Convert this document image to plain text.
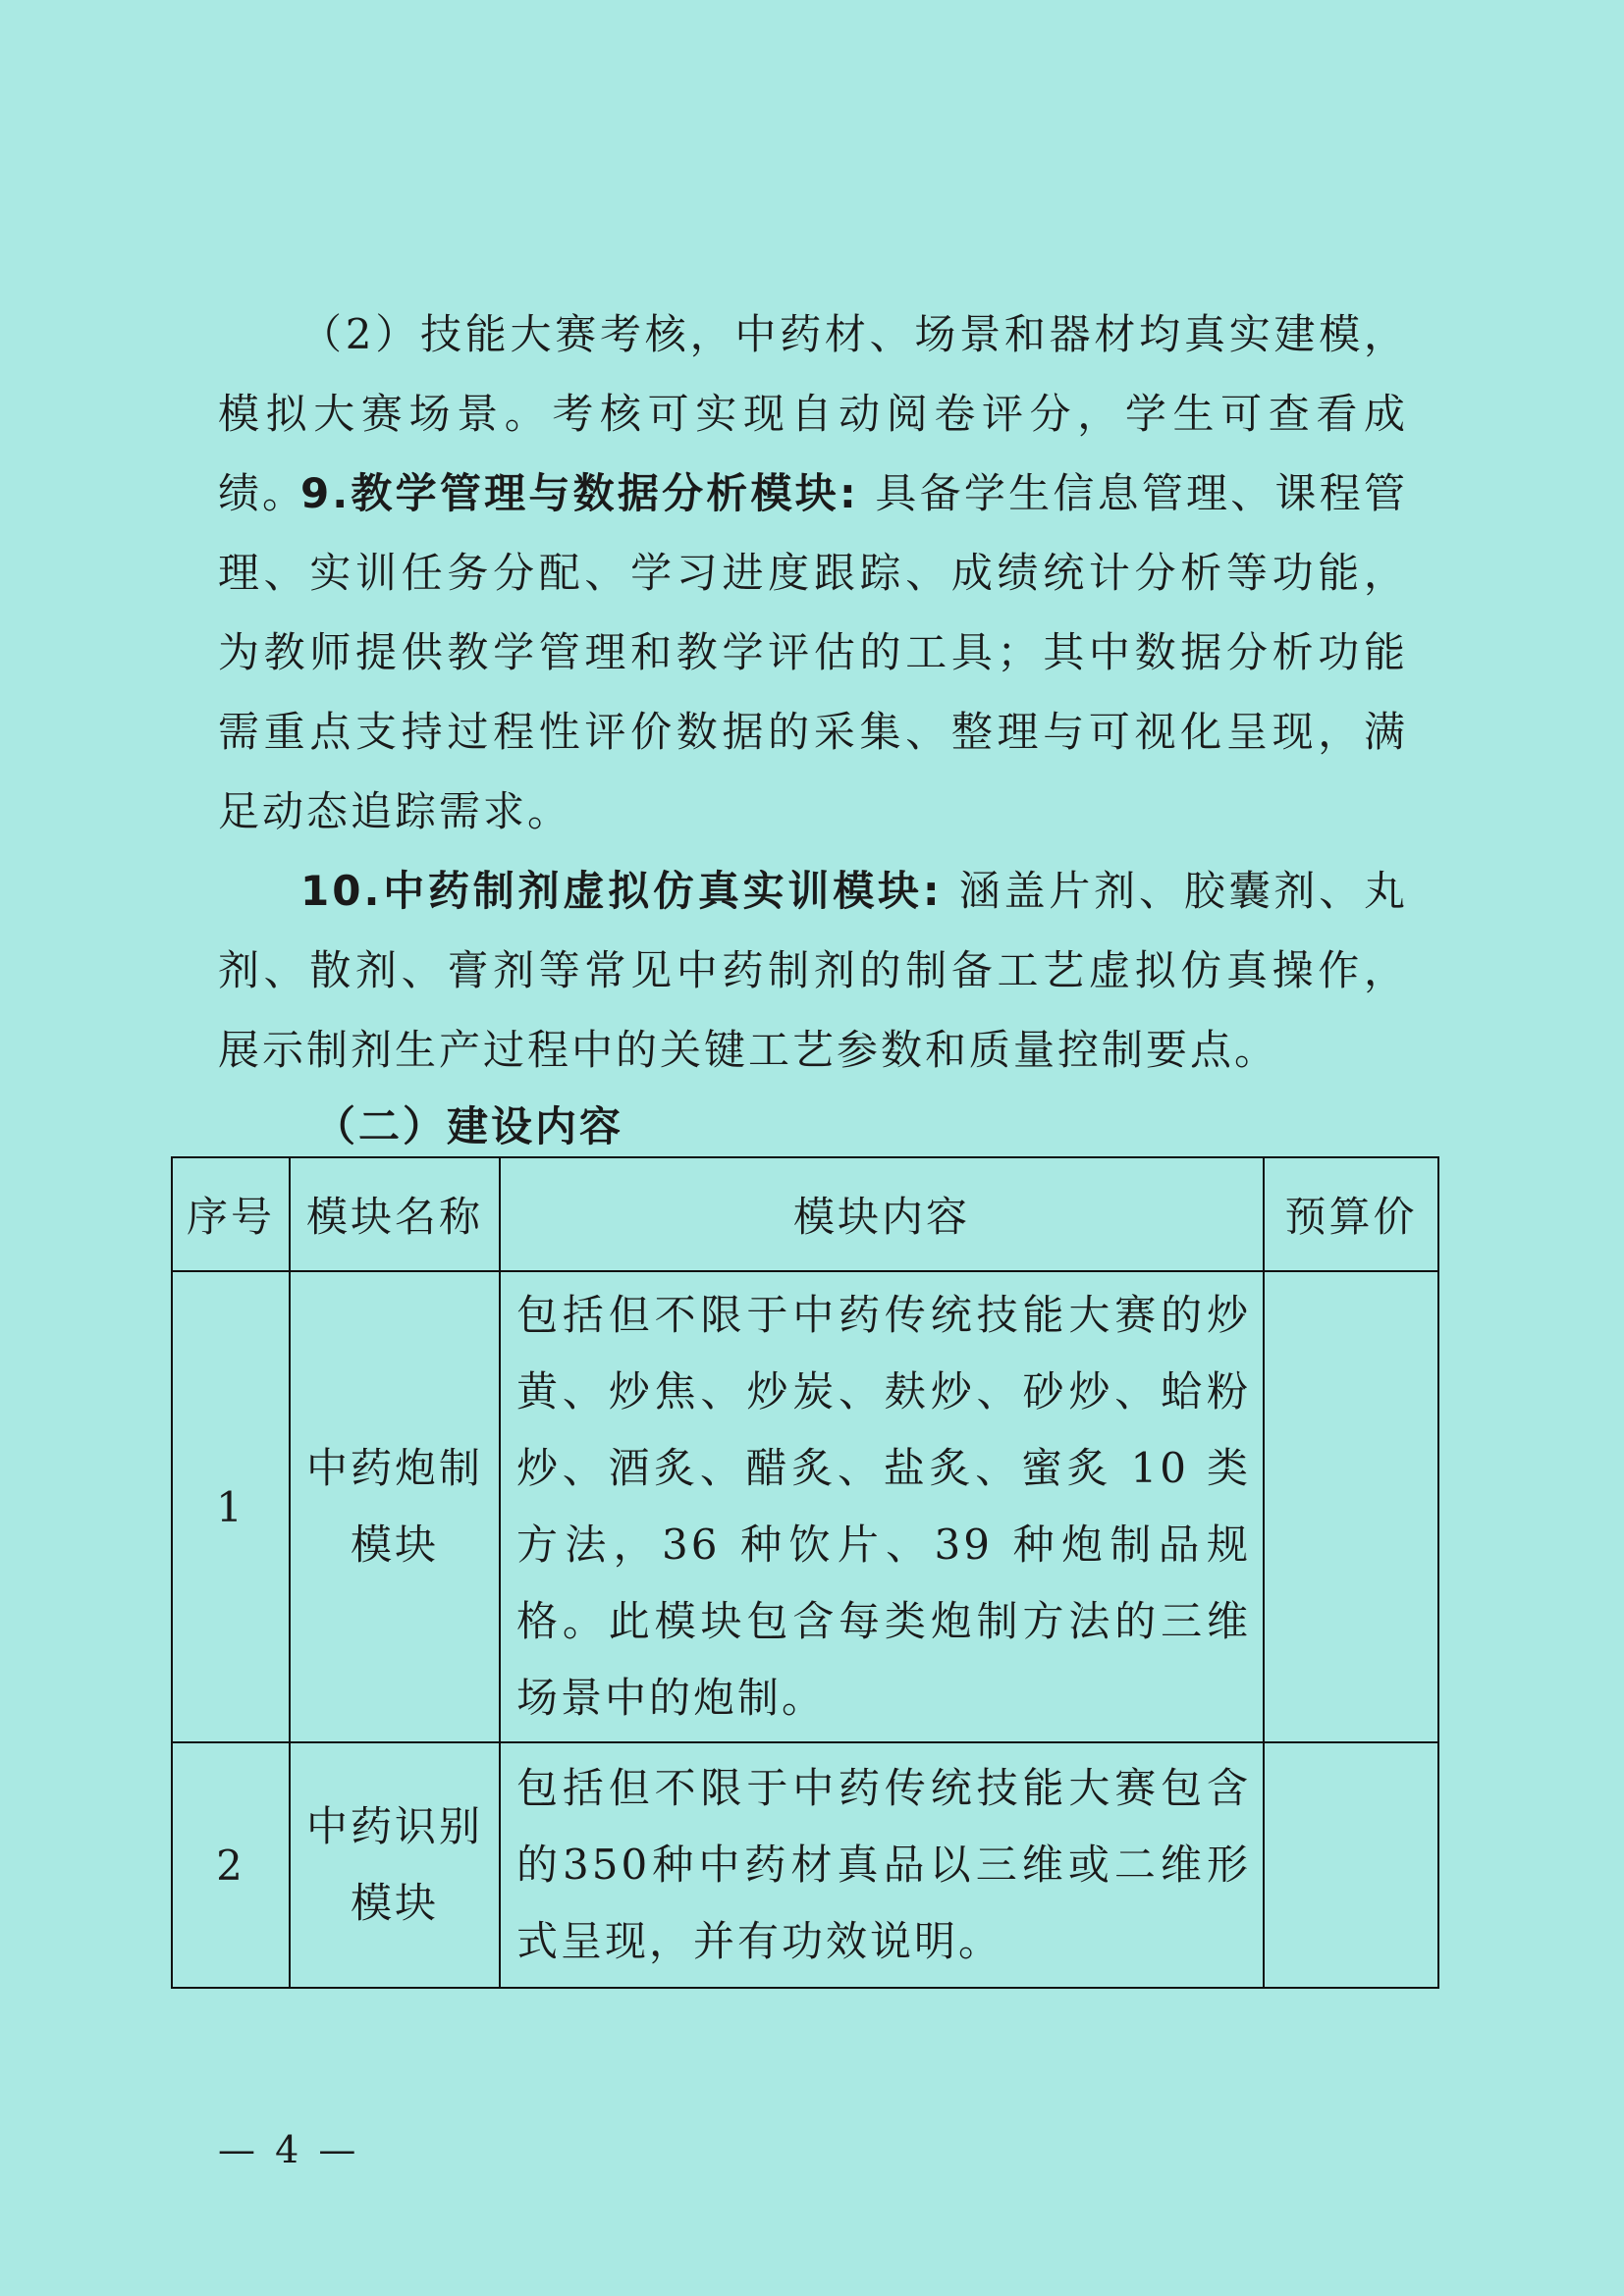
（2）技能大赛考核，中药材、场景和器材均真实建模，模拟大赛场景。考核可实现自动阅卷评分，学生可查看成绩。

9.教学管理与数据分析模块: 具备学生信息管理、课程管理、实训任务分配、学习进度跟踪、成绩统计分析等功能，为教师提供教学管理和教学评估的工具；其中数据分析功能需重点支持过程性评价数据的采集、整理与可视化呈现，满足动态追踪需求。

10.中药制剂虚拟仿真实训模块: 涵盖片剂、胶囊剂、丸剂、散剂、膏剂等常见中药制剂的制备工艺虚拟仿真操作，展示制剂生产过程中的关键工艺参数和质量控制要点。

（二）建设内容
序号	模块名称	模块内容	预算价
1	中药炮制模块	包括但不限于中药传统技能大赛的炒黄、炒焦、炒炭、麸炒、砂炒、蛤粉炒、酒炙、醋炙、盐炙、蜜炙 10 类方法，36 种饮片、39 种炮制品规格。此模块包含每类炮制方法的三维场景中的炮制。	
2	中药识别模块	包括但不限于中药传统技能大赛包含的350种中药材真品以三维或二维形式呈现，并有功效说明。	

— 4 —
